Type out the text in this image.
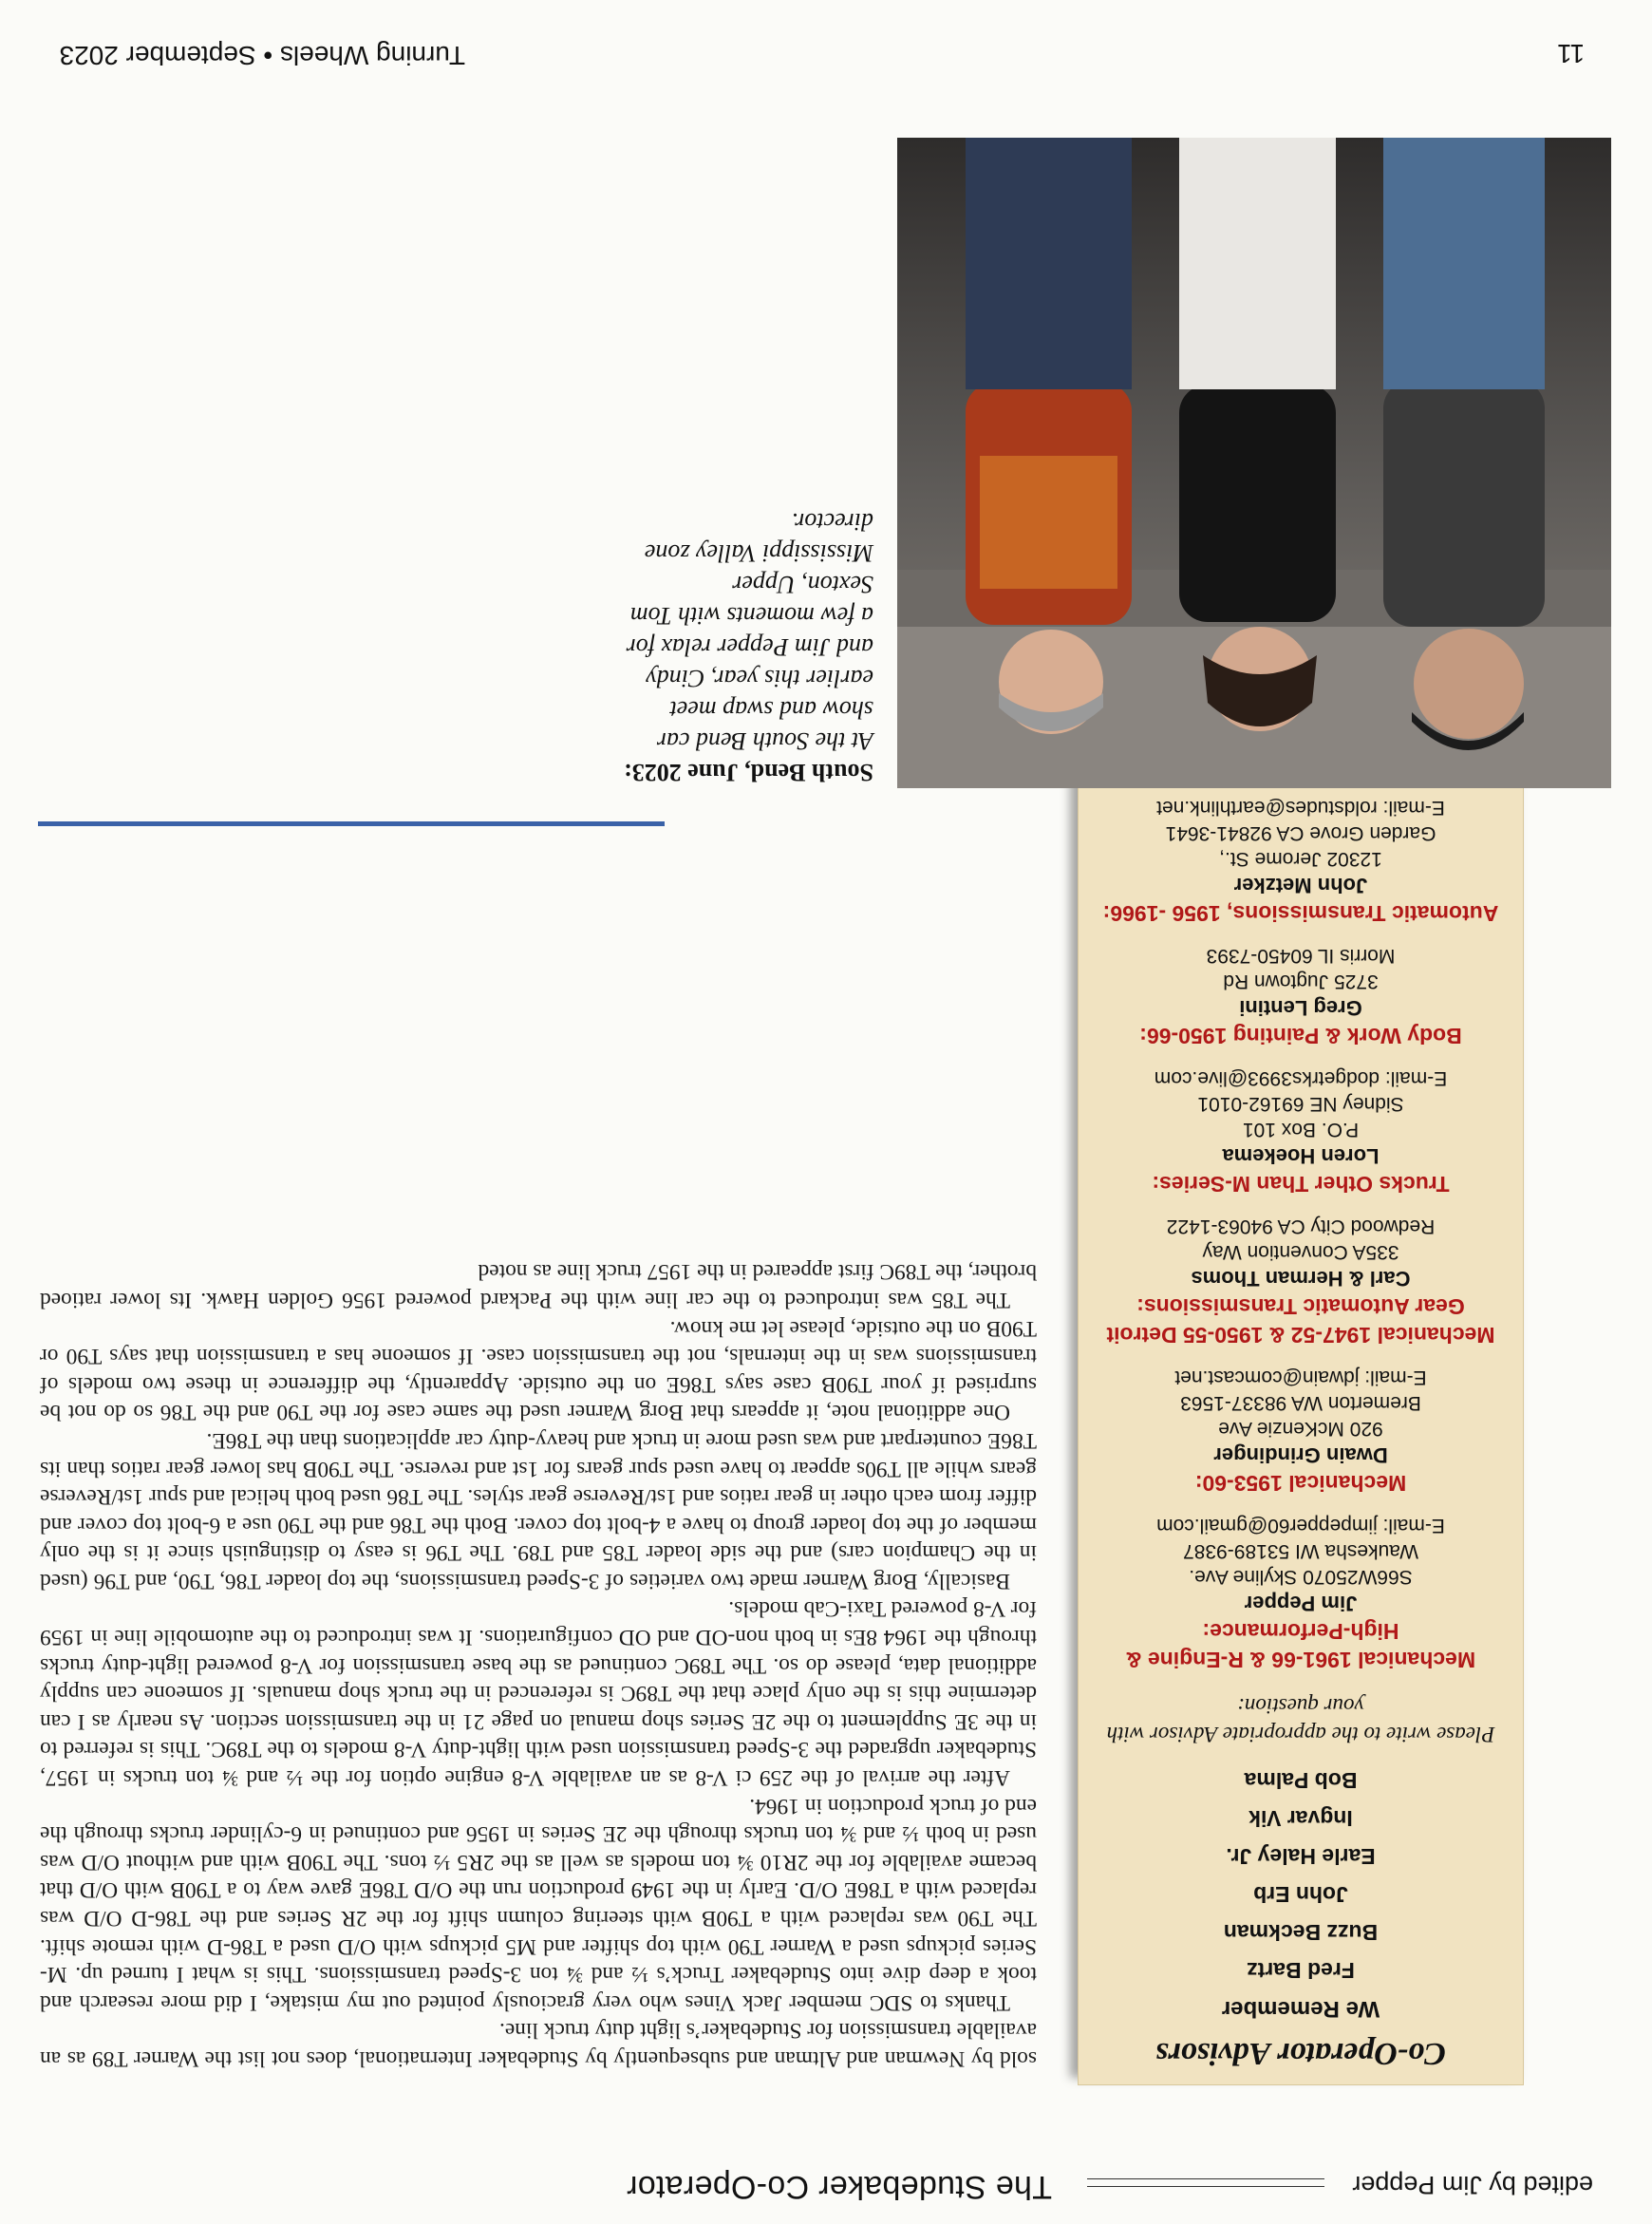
edited by Jim Pepper
The Studebaker Co-Operator
Co-Operator Advisors
We Remember
Fred Bartz
Buzz Beckman
John Erb
Earle Haley Jr.
Ingvar Vik
Bob Palma
Please write to the appropriate Advisor with your question:
Mechanical 1961-66 & R-Engine & High-Performance:
Jim Pepper
S66W25070 Skyline Ave.
Waukesha WI 53189-9387
E-mail: jimpepper60@gmail.com
Mechanical 1953-60:
Dwain Grindinger
920 McKenzie Ave
Bremerton WA 98337-1563
E-mail: jdwain@comcast.net
Mechanical 1947-52 & 1950-55 Detroit Gear Automatic Transmissions:
Carl & Herman Thoms
335A Convention Way
Redwood City CA 94063-1422
Trucks Other Than M-Series:
Loren Hoekema
P.O. Box 101
Sidney NE 69162-0101
E-mail: dodgetrks3993@live.com
Body Work & Painting 1950-66:
Greg Lentini
3725 Jugtown Rd
Morris IL 60450-7393
Automatic Transmissions, 1956 -1966:
John Metzker
12302 Jerome St.,
Garden Grove CA 92841-3641
E-mail: roldstudes@earthlink.net

sold by Newman and Altman and subsequently by Studebaker International, does not list the Warner T89 as an available transmission for Studebaker’s light duty truck line.

Thanks to SDC member Jack Vines who very graciously pointed out my mistake, I did more research and took a deep dive into Studebaker Truck’s ½ and ¾ ton 3-Speed transmissions. This is what I turned up. M-Series pickups used a Warner T90 with top shifter and M5 pickups with O/D used a T86-D with remote shift. The T90 was replaced with a T90B with steering column shift for the 2R Series and the T86-D O/D was replaced with a T86E O/D. Early in the 1949 production run the O/D T86E gave way to a T90B with O/D that became available for the 2R10 ¾ ton models as well as the 2R5 ½ tons. The T90B with and without O/D was used in both ½ and ¾ ton trucks through the 2E Series in 1956 and continued in 6-cylinder trucks through the end of truck production in 1964.

After the arrival of the 259 ci V-8 as an available V-8 engine option for the ½ and ¾ ton trucks in 1957, Studebaker upgraded the 3-Speed transmission used with light-duty V-8 models to the T89C. This is referred to in the 3E Supplement to the 2E Series shop manual on page 21 in the transmission section. As nearly as I can determine this is the only place that the T89C is referenced in the truck shop manuals. If someone can supply additional data, please do so. The T89C continued as the base transmission for V-8 powered light-duty trucks through the 1964 8Es in both non-OD and OD configurations. It was introduced to the automobile line in 1959 for V-8 powered Taxi-Cab models.

Basically, Borg Warner made two varieties of 3-Speed transmissions, the top loader T86, T90, and T96 (used in the Champion cars) and the side loader T85 and T89. The T96 is easy to distinguish since it is the only member of the top loader group to have a 4-bolt top cover. Both the T86 and the T90 use a 6-bolt top cover and differ from each other in gear ratios and 1st/Reverse gear styles. The T86 used both helical and spur 1st/Reverse gears while all T90s appear to have used spur gears for 1st and reverse. The T90B has lower gear ratios than its T86E counterpart and was used more in truck and heavy-duty car applications than the T86E.

One additional note, it appears that Borg Warner used the same case for the T90 and the T86 so do not be surprised if your T90B case says T86E on the outside. Apparently, the difference in these two models of transmissions was in the internals, not the transmission case. If someone has a transmission that says T90 or T90B on the outside, please let me know.

The T85 was introduced to the car line with the Packard powered 1956 Golden Hawk. Its lower ratioed brother, the T89C first appeared in the 1957 truck line as noted

South Bend, June 2023:
At the South Bend car show and swap meet earlier this year, Cindy and Jim Pepper relax for a few moments with Tom Sexton, Upper Mississippi Valley zone director.
11
Turning Wheels • September 2023
